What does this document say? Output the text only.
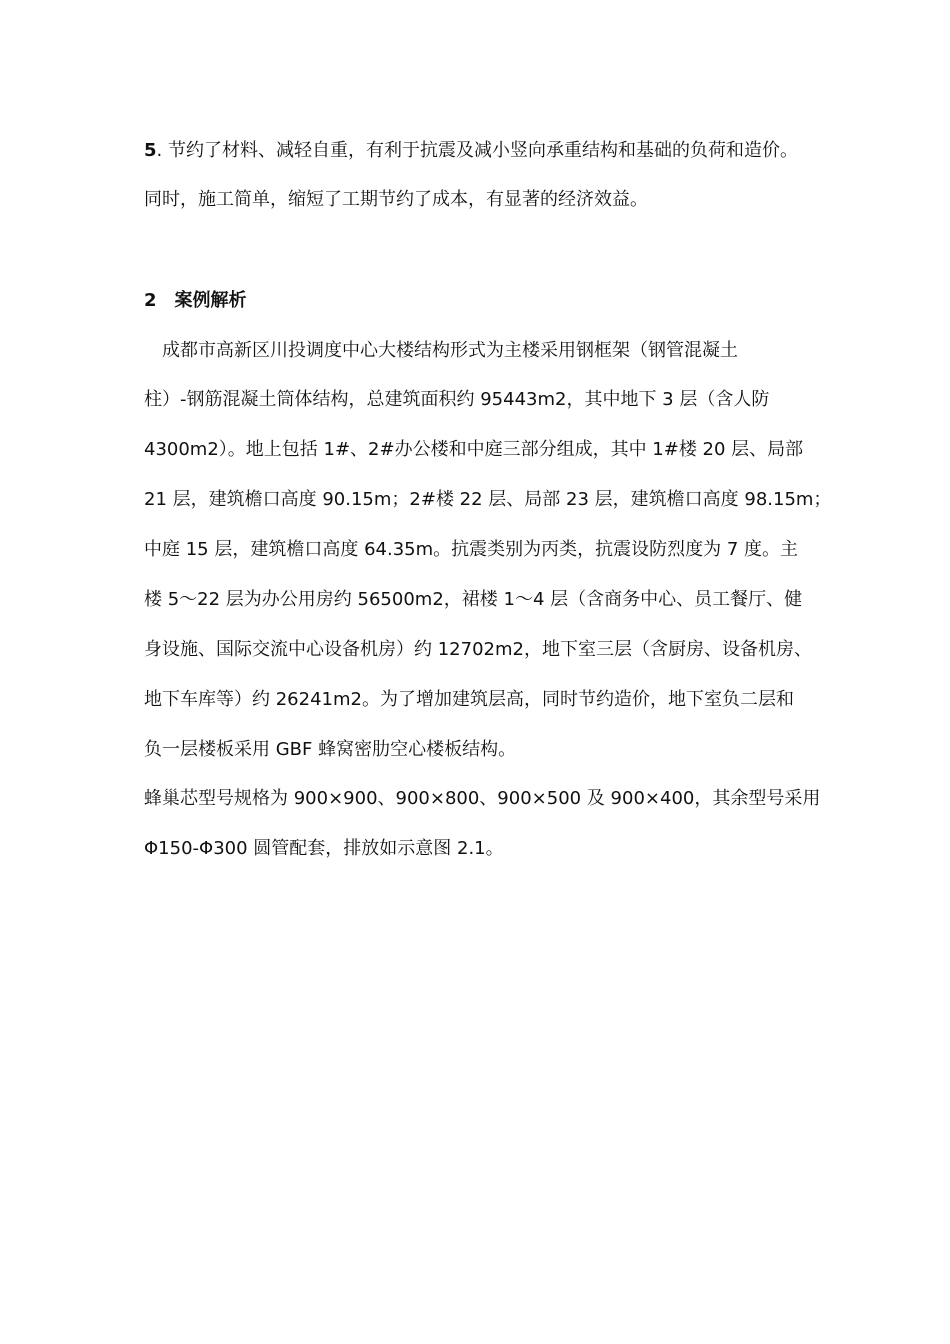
5. 节约了材料、减轻自重，有利于抗震及减小竖向承重结构和基础的负荷和造价。
同时，施工简单，缩短了工期节约了成本，有显著的经济效益。
2　案例解析
　成都市高新区川投调度中心大楼结构形式为主楼采用钢框架（钢管混凝土
柱）-钢筋混凝土筒体结构，总建筑面积约 95443m2，其中地下 3 层（含人防
4300m2）。地上包括 1#、2#办公楼和中庭三部分组成，其中 1#楼 20 层、局部
21 层，建筑檐口高度 90.15m；2#楼 22 层、局部 23 层，建筑檐口高度 98.15m；
中庭 15 层，建筑檐口高度 64.35m。抗震类别为丙类，抗震设防烈度为 7 度。主
楼 5～22 层为办公用房约 56500m2，裙楼 1～4 层（含商务中心、员工餐厅、健
身设施、国际交流中心设备机房）约 12702m2，地下室三层（含厨房、设备机房、
地下车库等）约 26241m2。为了增加建筑层高，同时节约造价，地下室负二层和
负一层楼板采用 GBF 蜂窝密肋空心楼板结构。
蜂巢芯型号规格为 900×900、900×800、900×500 及 900×400，其余型号采用
Φ150-Φ300 圆管配套，排放如示意图 2.1。
